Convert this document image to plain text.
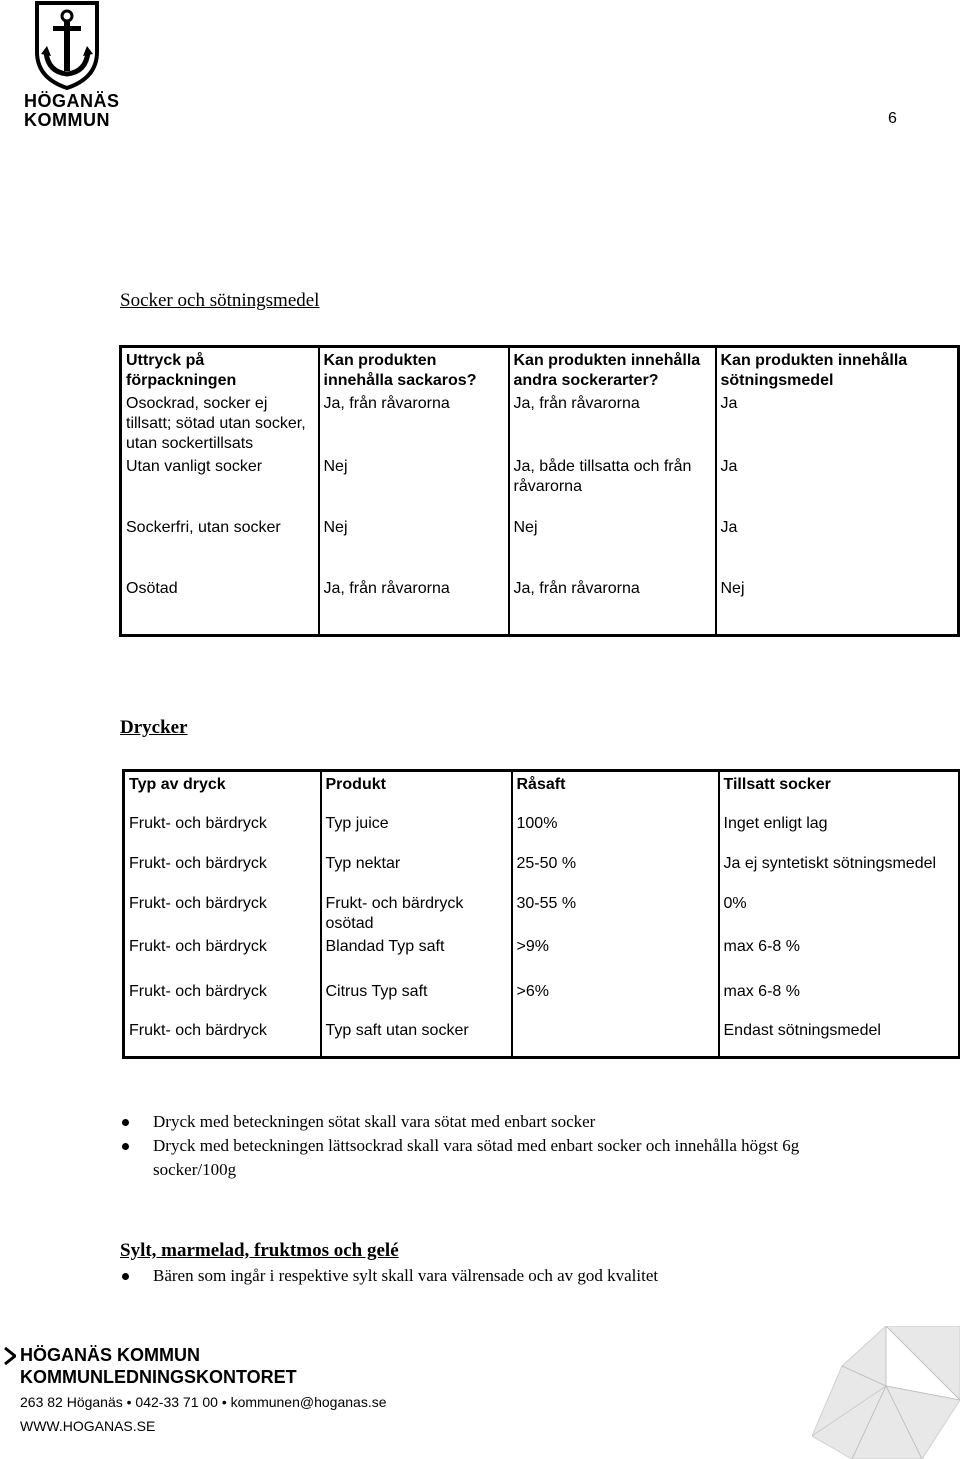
HÖGANÄS
KOMMUN	6
Socker och sötningsmedel
Uttryck på förpackningen	Kan produkten innehålla sackaros?	Kan produkten innehålla andra sockerarter?	Kan produkten innehålla sötningsmedel
Osockrad, socker ej tillsatt; sötad utan socker, utan sockertillsats	Ja, från råvarorna	Ja, från råvarorna	Ja
Utan vanligt socker	Nej	Ja, både tillsatta och från råvarorna	Ja
Sockerfri, utan socker	Nej	Nej	Ja
Osötad	Ja, från råvarorna	Ja, från råvarorna	Nej
Drycker
Typ av dryck	Produkt	Råsaft	Tillsatt socker
Frukt- och bärdryck	Typ juice	100%	Inget enligt lag
Frukt- och bärdryck	Typ nektar	25-50 %	Ja ej syntetiskt sötningsmedel
Frukt- och bärdryck	Frukt- och bärdryck osötad	30-55 %	0%
Frukt- och bärdryck	Blandad Typ saft	>9%	max 6-8 %
Frukt- och bärdryck	Citrus Typ saft	>6%	max 6-8 %
Frukt- och bärdryck	Typ saft utan socker		Endast sötningsmedel
Dryck med beteckningen sötat skall vara sötat med enbart socker
Dryck med beteckningen lättsockrad skall vara sötad med enbart socker och innehålla högst 6g socker/100g
Sylt, marmelad, fruktmos och gelé
Bären som ingår i respektive sylt skall vara välrensade och av god kvalitet
HÖGANÄS KOMMUN
KOMMUNLEDNINGSKONTORET
263 82 Höganäs • 042-33 71 00 • kommunen@hoganas.se
WWW.HOGANAS.SE
